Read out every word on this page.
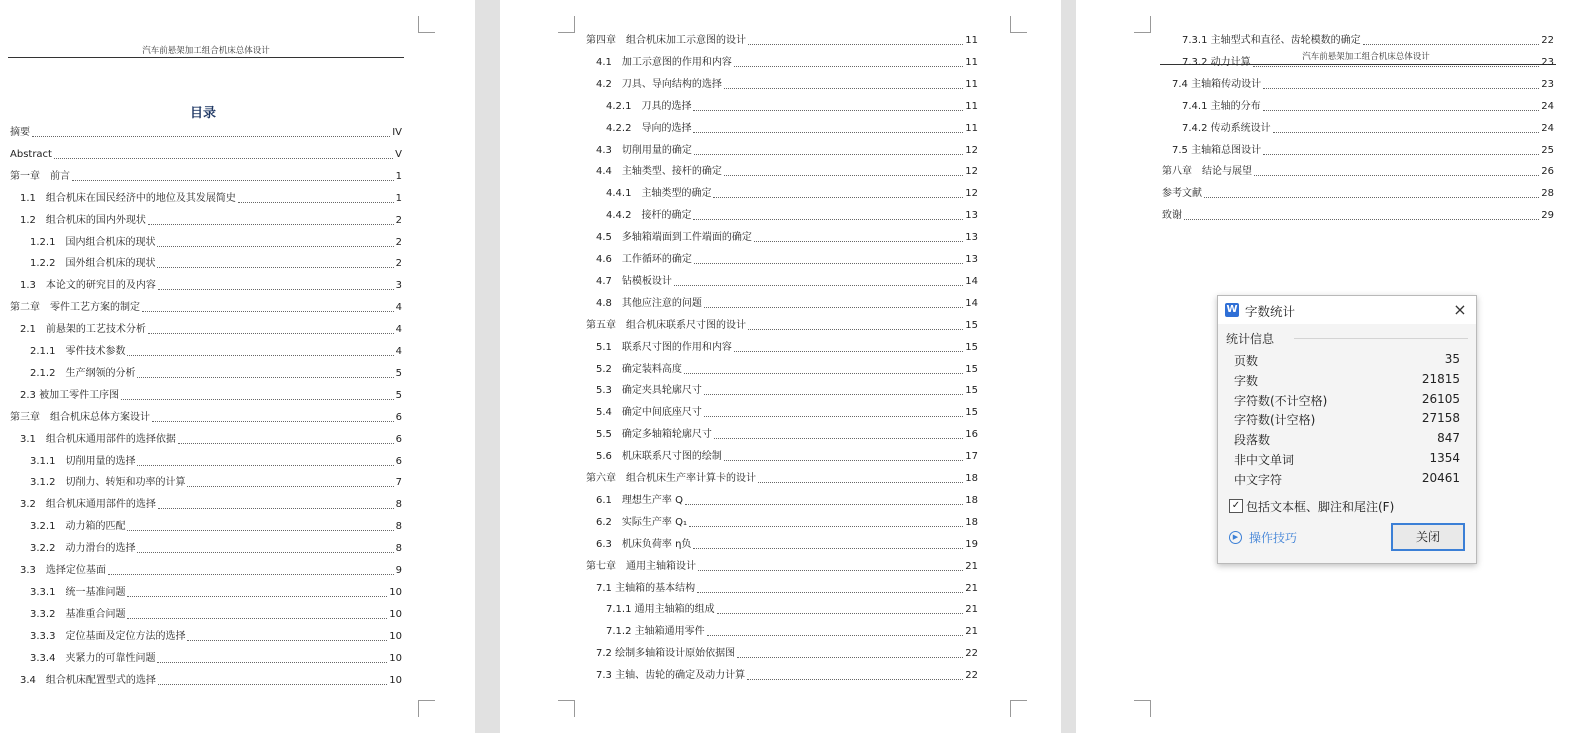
汽车前悬架加工组合机床总体设计
目录
摘要	IV
Abstract	V
第一章　前言	1
1.1　组合机床在国民经济中的地位及其发展简史	1
1.2　组合机床的国内外现状	2
1.2.1　国内组合机床的现状	2
1.2.2　国外组合机床的现状	2
1.3　本论文的研究目的及内容	3
第二章　零件工艺方案的制定	4
2.1　前悬架的工艺技术分析	4
2.1.1　零件技术参数	4
2.1.2　生产纲领的分析	5
2.3 被加工零件工序图	5
第三章　组合机床总体方案设计	6
3.1　组合机床通用部件的选择依据	6
3.1.1　切削用量的选择	6
3.1.2　切削力、转矩和功率的计算	7
3.2　组合机床通用部件的选择	8
3.2.1　动力箱的匹配	8
3.2.2　动力滑台的选择	8
3.3　选择定位基面	9
3.3.1　统一基准问题	10
3.3.2　基准重合问题	10
3.3.3　定位基面及定位方法的选择	10
3.3.4　夹紧力的可靠性问题	10
3.4　组合机床配置型式的选择	10
第四章　组合机床加工示意图的设计	11
4.1　加工示意图的作用和内容	11
4.2　刀具、导向结构的选择	11
4.2.1　刀具的选择	11
4.2.2　导向的选择	11
4.3　切削用量的确定	12
4.4　主轴类型、接杆的确定	12
4.4.1　主轴类型的确定	12
4.4.2　接杆的确定	13
4.5　多轴箱端面到工件端面的确定	13
4.6　工作循环的确定	13
4.7　钻模板设计	14
4.8　其他应注意的问题	14
第五章　组合机床联系尺寸图的设计	15
5.1　联系尺寸图的作用和内容	15
5.2　确定装料高度	15
5.3　确定夹具轮廓尺寸	15
5.4　确定中间底座尺寸	15
5.5　确定多轴箱轮廓尺寸	16
5.6　机床联系尺寸图的绘制	17
第六章　组合机床生产率计算卡的设计	18
6.1　理想生产率 Q	18
6.2　实际生产率 Q₁	18
6.3　机床负荷率 η负	19
第七章　通用主轴箱设计	21
7.1 主轴箱的基本结构	21
7.1.1 通用主轴箱的组成	21
7.1.2 主轴箱通用零件	21
7.2 绘制多轴箱设计原始依据图	22
7.3 主轴、齿轮的确定及动力计算	22
汽车前悬架加工组合机床总体设计
7.3.1 主轴型式和直径、齿轮模数的确定	22
7.3.2 动力计算	23
7.4 主轴箱传动设计	23
7.4.1 主轴的分布	24
7.4.2 传动系统设计	24
7.5 主轴箱总图设计	25
第八章　结论与展望	26
参考文献	28
致谢	29
W 字数统计	×
统计信息
页数	35
字数	21815
字符数(不计空格)	26105
字符数(计空格)	27158
段落数	847
非中文单词	1354
中文字符	20461
✓ 包括文本框、脚注和尾注(F)
▶ 操作技巧	关闭
